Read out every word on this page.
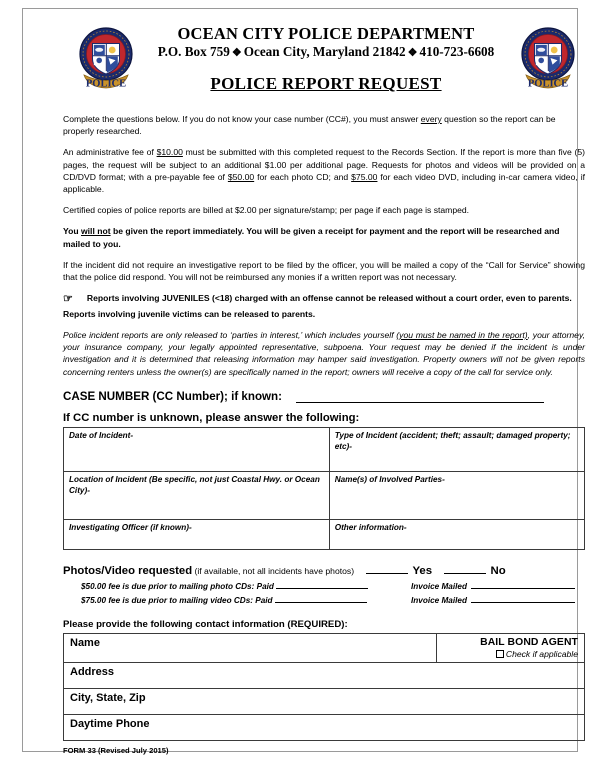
POLICE
OCEAN CITY POLICE DEPARTMENT
P.O. Box 759 ❖ Ocean City, Maryland 21842 ❖ 410-723-6608
POLICE REPORT REQUEST	POLICE

Complete the questions below. If you do not know your case number (CC#), you must answer every question so the report can be properly researched.

An administrative fee of $10.00 must be submitted with this completed request to the Records Section. If the report is more than five (5) pages, the request will be subject to an additional $1.00 per additional page. Requests for photos and videos will be provided on a CD/DVD format; with a pre-payable fee of $50.00 for each photo CD; and $75.00 for each video DVD, including in-car camera video, if applicable.

Certified copies of police reports are billed at $2.00 per signature/stamp; per page if each page is stamped.

You will not be given the report immediately. You will be given a receipt for payment and the report will be researched and mailed to you.

If the incident did not require an investigative report to be filed by the officer, you will be mailed a copy of the “Call for Service” showing that the police did respond. You will not be reimbursed any monies if a written report was not necessary.

☞ Reports involving JUVENILES (<18) charged with an offense cannot be released without a court order, even to parents. Reports involving juvenile victims can be released to parents.

Police incident reports are only released to ‘parties in interest,’ which includes yourself (you must be named in the report), your attorney, your insurance company, your legally appointed representative, subpoena. Your request may be denied if the incident is under investigation and it is determined that releasing information may hamper said investigation. Property owners will not be given reports concerning renters unless the owner(s) are specifically named in the report; owners will receive a copy of the call for service only.

CASE NUMBER (CC Number); if known:
If CC number is unknown, please answer the following:
Date of Incident-	Type of Incident (accident; theft; assault; damaged property; etc)-
Location of Incident (Be specific, not just Coastal Hwy. or Ocean City)-	Name(s) of Involved Parties-
Investigating Officer (if known)-	Other information-
Photos/Video requested (if available, not all incidents have photos)	Yes	No
$50.00 fee is due prior to mailing photo CDs: Paid	Invoice Mailed
$75.00 fee is due prior to mailing video CDs: Paid	Invoice Mailed
Please provide the following contact information (REQUIRED):
Name	BAIL BOND AGENT
Check if applicable

Address
City, State, Zip
Daytime Phone
FORM 33 (Revised July 2015)
